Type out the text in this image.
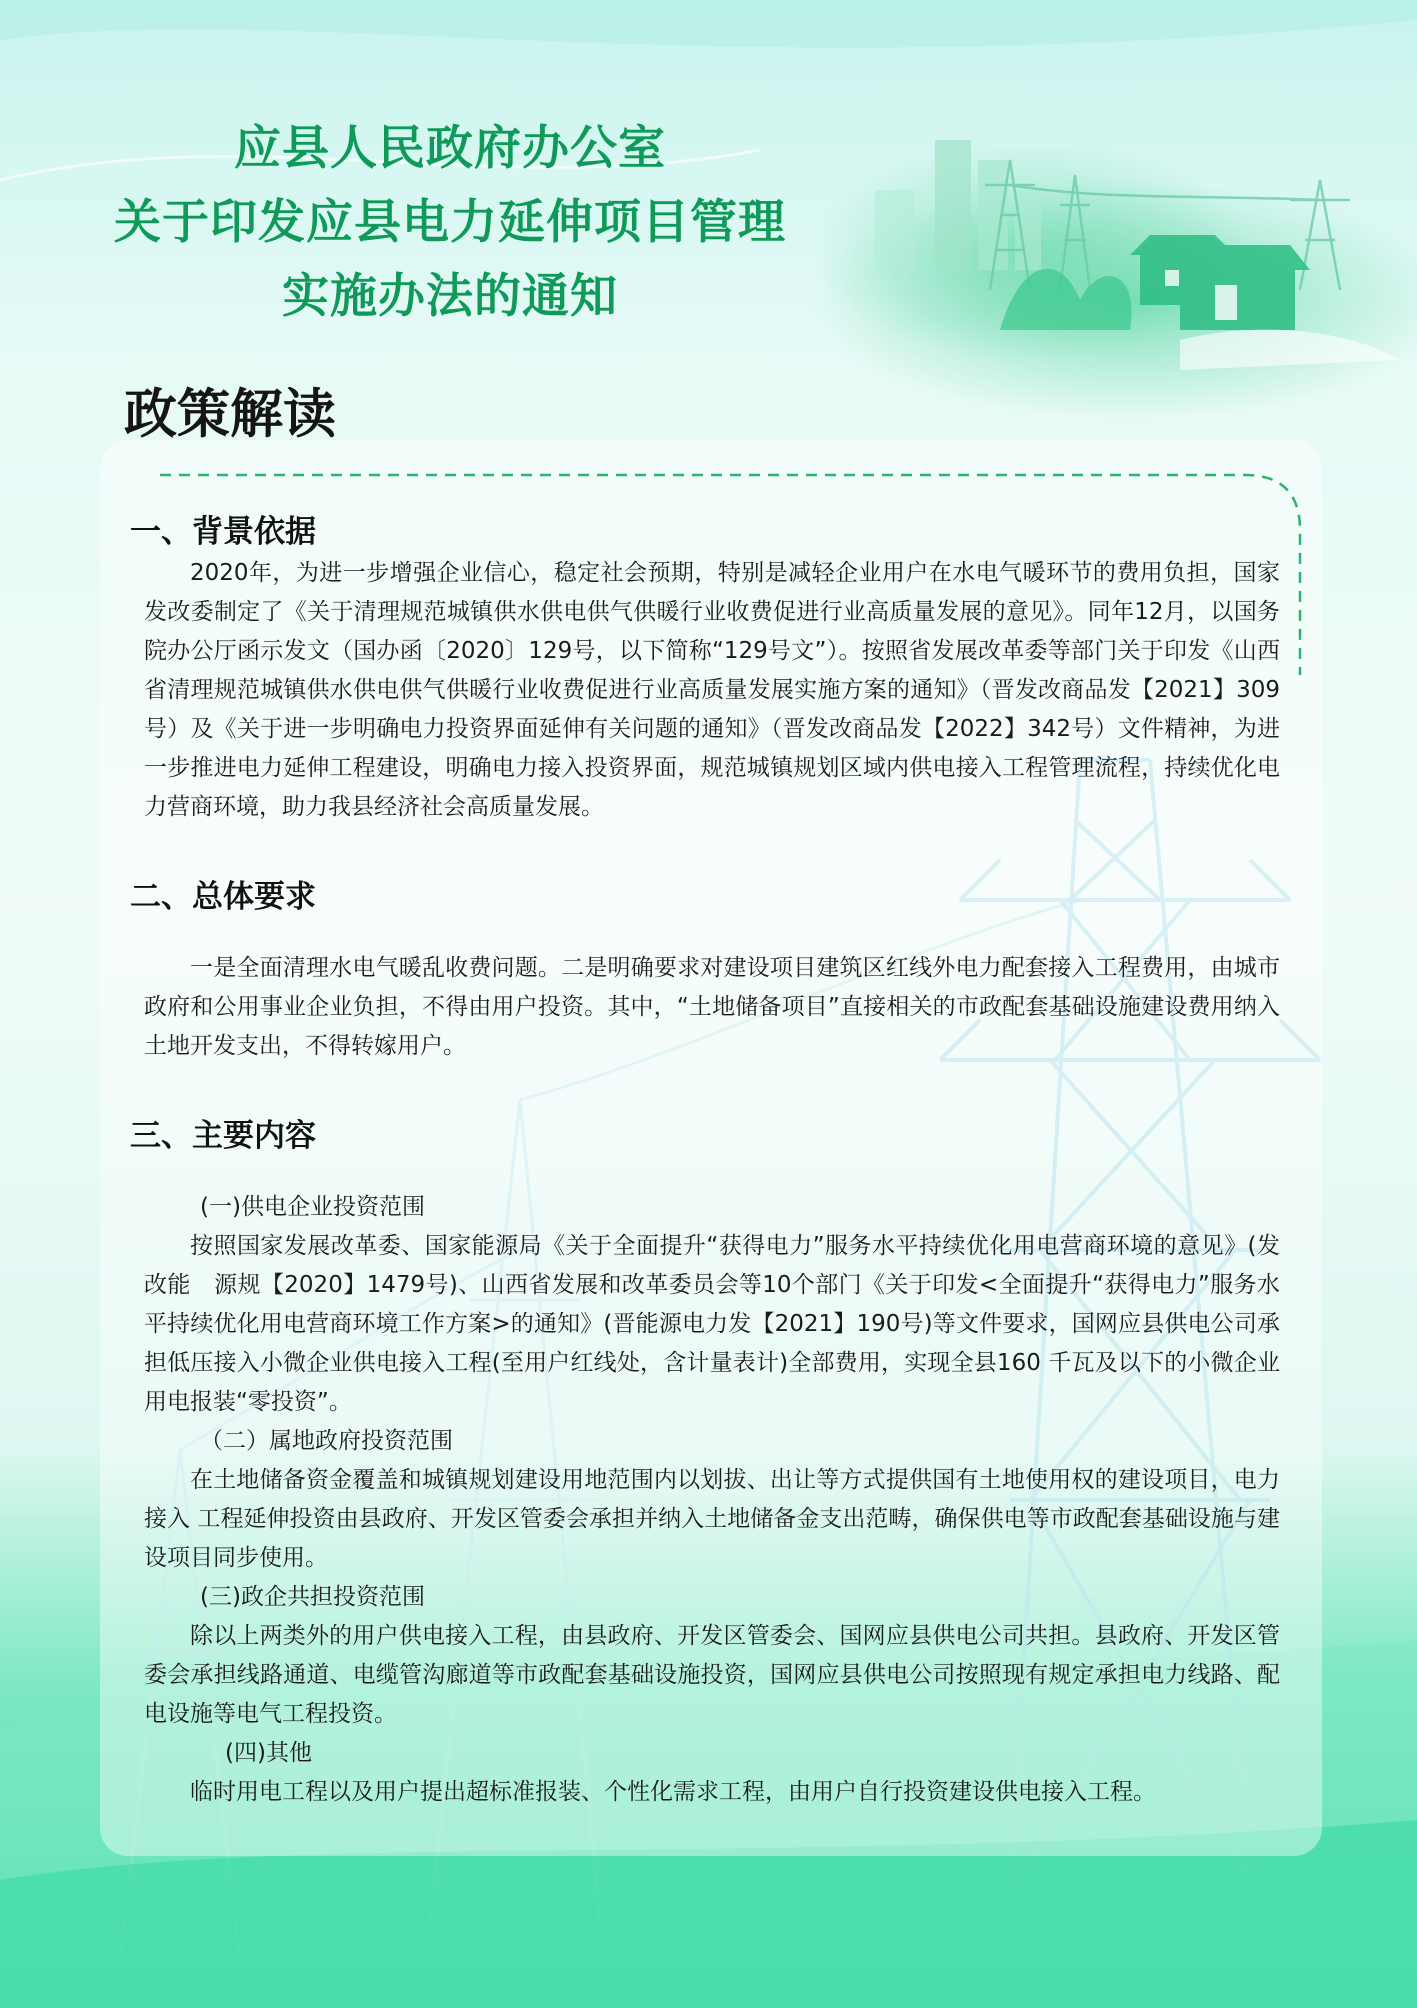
应县人民政府办公室
关于印发应县电力延伸项目管理
实施办法的通知
政策解读
一、背景依据

2020年，为进一步增强企业信心，稳定社会预期，特别是减轻企业用户在水电气暖环节的费用负担，国家发改委制定了《关于清理规范城镇供水供电供气供暖行业收费促进行业高质量发展的意见》。同年12月，以国务院办公厅函示发文（国办函〔2020〕129号，以下简称“129号文”）。按照省发展改革委等部门关于印发《山西省清理规范城镇供水供电供气供暖行业收费促进行业高质量发展实施方案的通知》（晋发改商品发【2021】309号）及《关于进一步明确电力投资界面延伸有关问题的通知》（晋发改商品发【2022】342号）文件精神，为进一步推进电力延伸工程建设，明确电力接入投资界面，规范城镇规划区域内供电接入工程管理流程，持续优化电力营商环境，助力我县经济社会高质量发展。

二、总体要求

一是全面清理水电气暖乱收费问题。二是明确要求对建设项目建筑区红线外电力配套接入工程费用，由城市政府和公用事业企业负担，不得由用户投资。其中，“土地储备项目”直接相关的市政配套基础设施建设费用纳入土地开发支出，不得转嫁用户。

三、主要内容

(一)供电企业投资范围

按照国家发展改革委、国家能源局《关于全面提升“获得电力”服务水平持续优化用电营商环境的意见》(发改能　源规【2020】1479号)、山西省发展和改革委员会等10个部门《关于印发<全面提升“获得电力”服务水平持续优化用电营商环境工作方案>的通知》(晋能源电力发【2021】190号)等文件要求，国网应县供电公司承担低压接入小微企业供电接入工程(至用户红线处，含计量表计)全部费用，实现全县160 千瓦及以下的小微企业用电报装“零投资”。

（二）属地政府投资范围

在土地储备资金覆盖和城镇规划建设用地范围内以划拔、出让等方式提供国有土地使用权的建设项目，电力接入 工程延伸投资由县政府、开发区管委会承担并纳入土地储备金支出范畴，确保供电等市政配套基础设施与建设项目同步使用。

(三)政企共担投资范围

除以上两类外的用户供电接入工程，由县政府、开发区管委会、国网应县供电公司共担。县政府、开发区管委会承担线路通道、电缆管沟廊道等市政配套基础设施投资，国网应县供电公司按照现有规定承担电力线路、配电设施等电气工程投资。

(四)其他

临时用电工程以及用户提出超标准报装、个性化需求工程，由用户自行投资建设供电接入工程。
